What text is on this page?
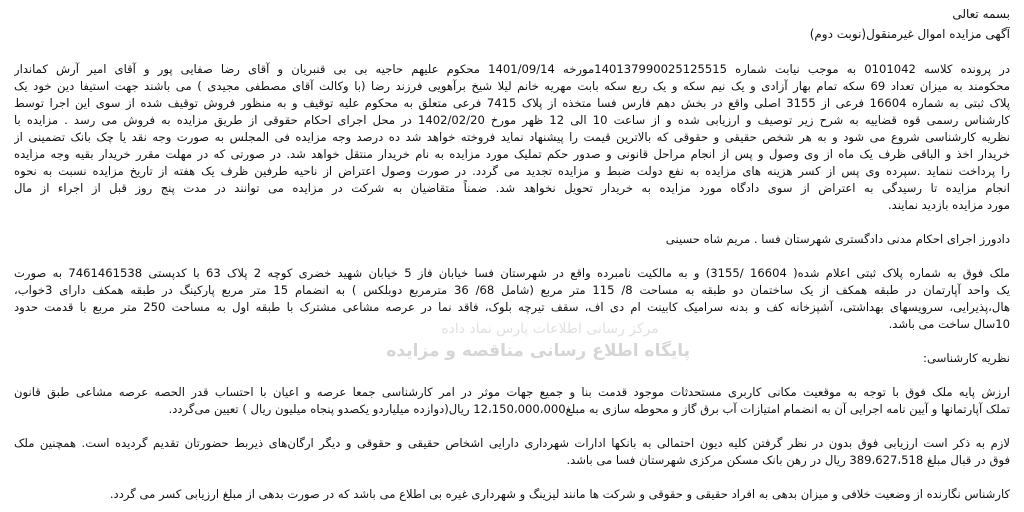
بسمه تعالی
آگهی مزایده اموال غیرمنقول(نوبت دوم)
در پرونده کلاسه 0101042 به موجب نیابت شماره 140137990025125515مورخه 1401/09/14 محکوم علیهم حاجیه بی بی قنبریان و آقای رضا صفایی پور و آقای امیر آرش کماندار
محکومند به میزان تعداد 69 سکه تمام بهار آزادی و یک نیم سکه و یک ربع سکه بابت مهریه خانم لیلا شیخ برآهویی فرزند رضا (با وکالت آقای مصطفی مجیدی ) می باشند جهت استیفا دین خود یک
پلاک ثبتی به شماره 16604 فرعی از 3155 اصلی واقع در بخش دهم فارس فسا متخذه از پلاک 7415 فرعی متعلق به محکوم علیه توقیف و به منظور فروش توقیف شده از سوی این اجرا توسط
کارشناس رسمی قوه قضاییه به شرح زیر توصیف و ارزیابی شده و از ساعت 10 الی 12 ظهر مورخ 1402/02/20 در محل اجرای احکام حقوقی از طریق مزایده به فروش می رسد . مزایده با
نظریه کارشناسی شروع می شود و به هر شخص حقیقی و حقوقی که بالاترین قیمت را پیشنهاد نماید فروخته خواهد شد ده درصد وجه مزایده فی المجلس به صورت وجه نقد یا چک بانک تضمینی از
خریدار اخذ و الباقی ظرف یک ماه از وی وصول و پس از انجام مراحل قانونی و صدور حکم تملیک مورد مزایده به نام خریدار منتقل خواهد شد. در صورتی که در مهلت مقرر خریدار بقیه وجه مزایده
را پرداخت ننماید .سپرده وی پس از کسر هزینه های مزایده به نفع دولت ضبط و مزایده تجدید می گردد. در صورت وصول اعتراض از ناحیه طرفین ظرف یک هفته از تاریخ مزایده نسبت به نحوه
انجام مزایده تا رسیدگی به اعتراض از سوی دادگاه مورد مزایده به خریدار تحویل نخواهد شد. ضمناً متقاضیان به شرکت در مزایده می توانند در مدت پنج روز قبل از اجراء از مال
مورد مزایده بازدید نمایند.
دادورز اجرای احکام مدنی دادگستری شهرستان فسا . مریم شاه حسینی
ملک فوق به شماره پلاک ثبتی اعلام شده( 16604 /3155) و به مالکیت نامبرده واقع در شهرستان فسا خیابان فاز 5 خیابان شهید خضری کوچه 2 پلاک 63 با کدپستی 7461461538 به صورت
یک واحد آپارتمان در طبقه همکف از یک ساختمان دو طبقه به مساحت 8/ 115 متر مربع (شامل 68/ 36 مترمربع دوبلکس ) به انضمام 15 متر مربع پارکینگ در طبقه همکف دارای 3خواب،
هال،پذیرایی، سرویسهای بهداشتی، آشپزخانه کف و بدنه سرامیک کابینت ام دی اف، سقف تیرچه بلوک، فاقد نما در عرصه مشاعی مشترک با طبقه اول به مساحت 250 متر مربع با قدمت حدود
10سال ساخت می باشد.
نظریه کارشناسی:
ارزش پایه ملک فوق با توجه به موقعیت مکانی کاربری مستحدثات موجود قدمت بنا و جمیع جهات موثر در امر کارشناسی جمعا عرصه و اعیان با احتساب قدر الحصه عرصه مشاعی طبق قانون
تملک آپارتمانها و آیین نامه اجرایی آن به انضمام امتیازات آب برق گاز و محوطه سازی به مبلغ12،150،000،000 ریال(دوازده میلیاردو یکصدو پنجاه میلیون ریال ) تعیین می‌گردد.
لازم به ذکر است ارزیابی فوق بدون در نظر گرفتن کلیه دیون احتمالی به بانکها ادارات شهرداری دارایی اشخاص حقیقی و حقوقی و دیگر ارگان‌های ذیربط حضورتان تقدیم گردیده است. همچنین ملک
فوق در قبال مبلغ 389،627،518 ریال در رهن بانک مسکن مرکزی شهرستان فسا می باشد.
کارشناس نگارنده از وضعیت خلافی و میزان بدهی به افراد حقیقی و حقوقی و شرکت ها مانند لیزینگ و شهرداری غیره بی اطلاع می باشد که در صورت بدهی از مبلغ ارزیابی کسر می گردد.
مرکز رسانی اطلاعات پارس نماد داده
پایگاه اطلاع رسانی مناقصه و مزایده
